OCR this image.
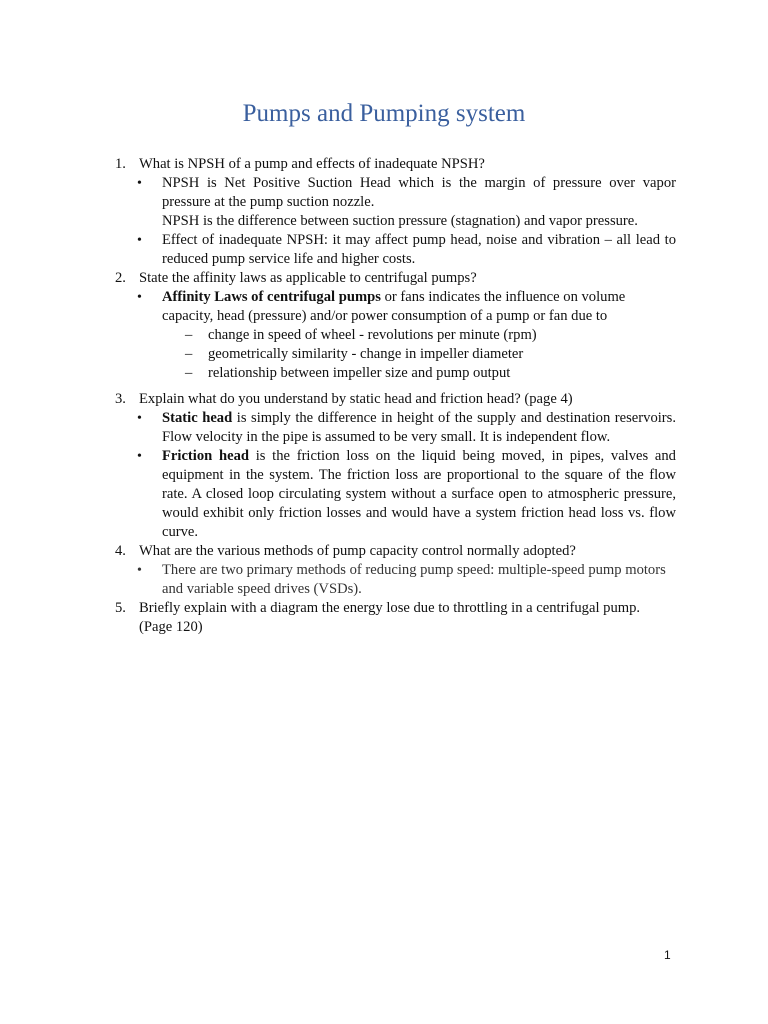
Pumps and Pumping system
1. What is NPSH of a pump and effects of inadequate NPSH?
• NPSH is Net Positive Suction Head which is the margin of pressure over vapor pressure at the pump suction nozzle.
NPSH is the difference between suction pressure (stagnation) and vapor pressure.
• Effect of inadequate NPSH: it may affect pump head, noise and vibration – all lead to reduced pump service life and higher costs.
2. State the affinity laws as applicable to centrifugal pumps?
• Affinity Laws of centrifugal pumps or fans indicates the influence on volume capacity, head (pressure) and/or power consumption of a pump or fan due to
– change in speed of wheel - revolutions per minute (rpm)
– geometrically similarity - change in impeller diameter
– relationship between impeller size and pump output
3. Explain what do you understand by static head and friction head? (page 4)
• Static head is simply the difference in height of the supply and destination reservoirs. Flow velocity in the pipe is assumed to be very small. It is independent flow.
• Friction head is the friction loss on the liquid being moved, in pipes, valves and equipment in the system. The friction loss are proportional to the square of the flow rate. A closed loop circulating system without a surface open to atmospheric pressure, would exhibit only friction losses and would have a system friction head loss vs. flow curve.
4. What are the various methods of pump capacity control normally adopted?
• There are two primary methods of reducing pump speed: multiple-speed pump motors and variable speed drives (VSDs).
5. Briefly explain with a diagram the energy lose due to throttling in a centrifugal pump. (Page 120)
1
